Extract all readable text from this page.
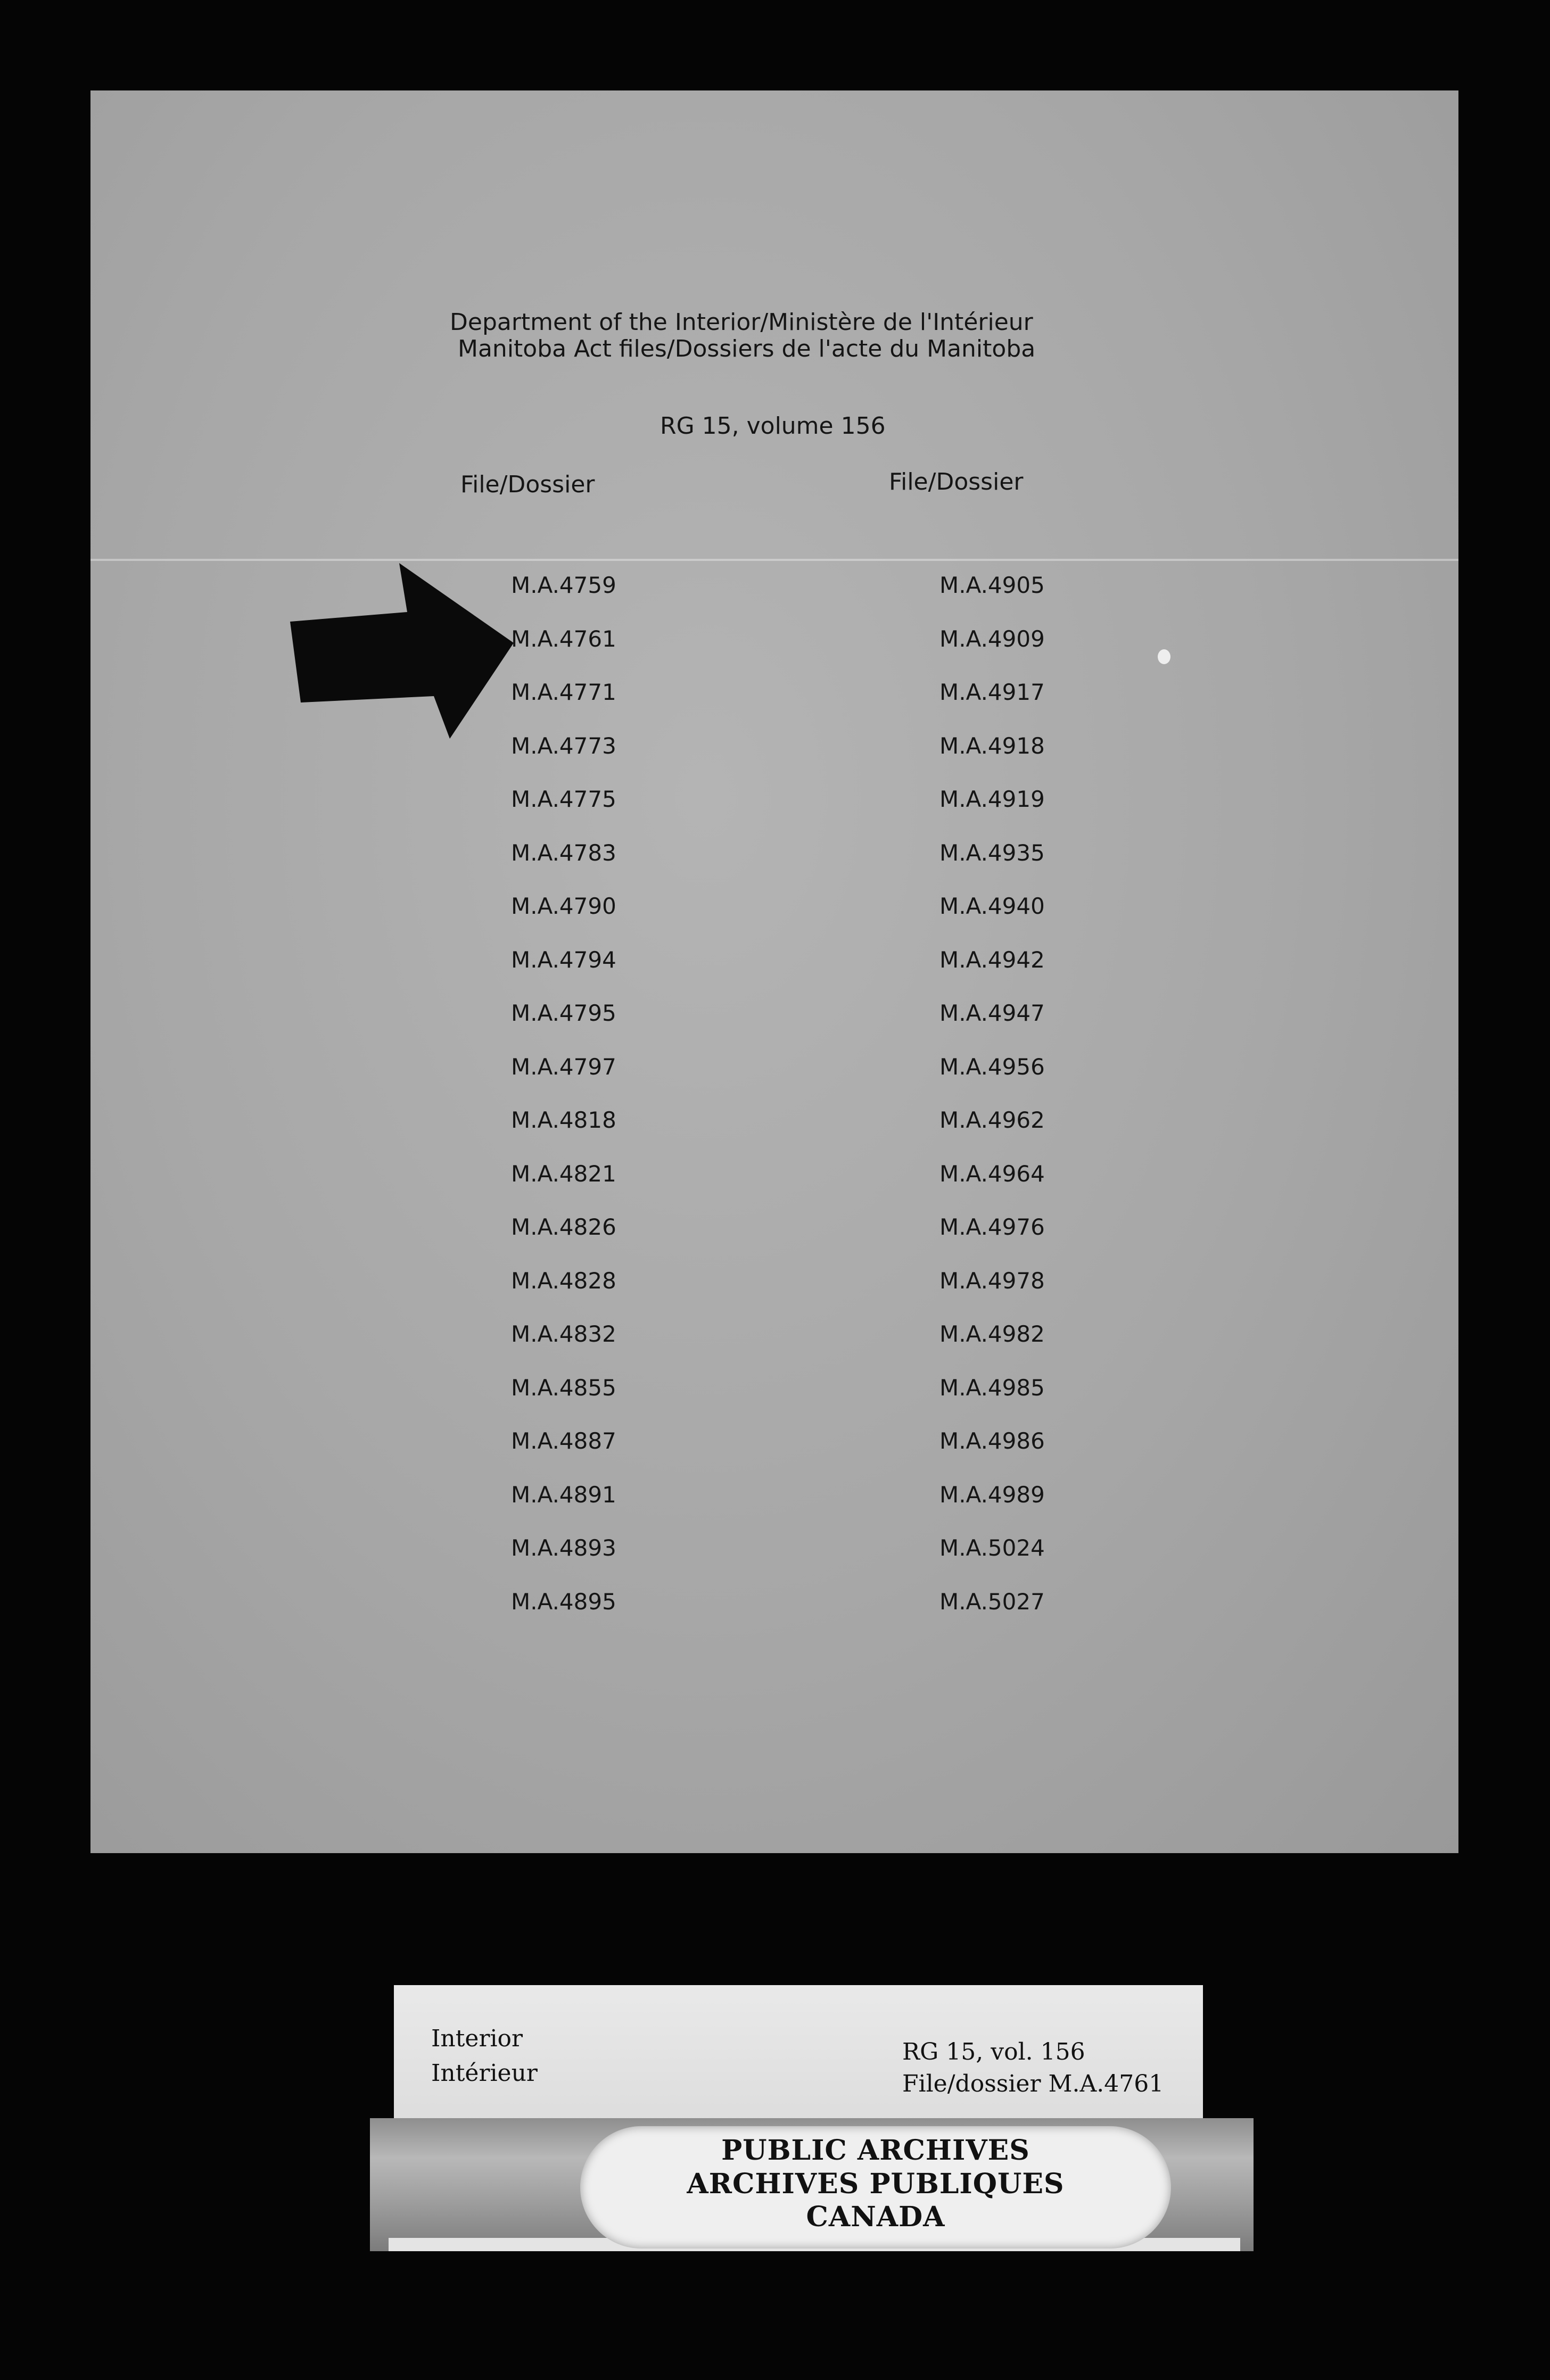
Department of the Interior/Ministère de l'Intérieur
Manitoba Act files/Dossiers de l'acte du Manitoba
RG 15, volume 156
File/Dossier	File/Dossier
M.A.4759
M.A.4761
M.A.4771
M.A.4773
M.A.4775
M.A.4783
M.A.4790
M.A.4794
M.A.4795
M.A.4797
M.A.4818
M.A.4821
M.A.4826
M.A.4828
M.A.4832
M.A.4855
M.A.4887
M.A.4891
M.A.4893
M.A.4895
M.A.4905
M.A.4909
M.A.4917
M.A.4918
M.A.4919
M.A.4935
M.A.4940
M.A.4942
M.A.4947
M.A.4956
M.A.4962
M.A.4964
M.A.4976
M.A.4978
M.A.4982
M.A.4985
M.A.4986
M.A.4989
M.A.5024
M.A.5027
Interior
Intérieur
RG 15, vol. 156
File/dossier M.A.4761
PUBLIC ARCHIVES
ARCHIVES PUBLIQUES
CANADA
